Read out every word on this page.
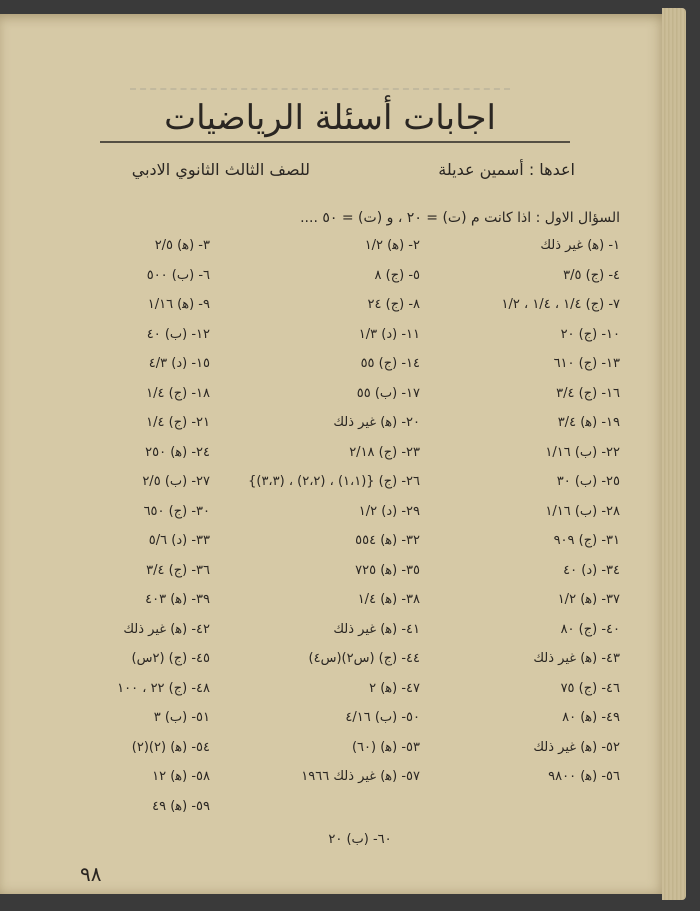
اجابات أسئلة الرياضيات
اعدها : أسمين عديلة
للصف الثالث الثانوي الادبي
السؤال الاول : اذا كانت م (ت) = ٢٠ ، و (ت) = ٥٠ ....
١- (ﻫ) غير ذلك
٢- (ﻫ) ١/٢
٣- (ﻫ) ٢/٥
٤- (ج) ٣/٥
٥- (ج) ٨
٦- (ب) ٥٠٠
٧- (ج) ١/٤ ، ١/٤ ، ١/٢
٨- (ج) ٢٤
٩- (ﻫ) ١/١٦
١٠- (ج) ٢٠
١١- (د) ١/٣
١٢- (ب) ٤٠
١٣- (ج) ٦١٠
١٤- (ج) ٥٥
١٥- (د) ٤/٣
١٦- (ج) ٣/٤
١٧- (ب) ٥٥
١٨- (ج) ١/٤
١٩- (ﻫ) ٣/٤
٢٠- (ﻫ) غير ذلك
٢١- (ج) ١/٤
٢٢- (ب) ١/١٦
٢٣- (ج) ٢/١٨
٢٤- (ﻫ) ٢٥٠
٢٥- (ب) ٣٠
٢٦- (ج) {(١،١) ، (٢،٢) ، (٣،٣)}
٢٧- (ب) ٢/٥
٢٨- (ب) ١/١٦
٢٩- (د) ١/٢
٣٠- (ج) ٦٥٠
٣١- (ج) ٩٠٩
٣٢- (ﻫ) ٥٥٤
٣٣- (د) ٥/٦
٣٤- (د) ٤٠
٣٥- (ﻫ) ٧٢٥
٣٦- (ج) ٣/٤
٣٧- (ﻫ) ١/٢
٣٨- (ﻫ) ١/٤
٣٩- (ﻫ) ٤٠٣
٤٠- (ج) ٨٠
٤١- (ﻫ) غير ذلك
٤٢- (ﻫ) غير ذلك
٤٣- (ﻫ) غير ذلك
٤٤- (ج) (س٢)(س٤)
٤٥- (ج) (٢س)
٤٦- (ج) ٧٥
٤٧- (ﻫ) ٢
٤٨- (ج) ٢٢ ، ١٠٠
٤٩- (ﻫ) ٨٠
٥٠- (ب) ٤/١٦
٥١- (ب) ٣
٥٢- (ﻫ) غير ذلك
٥٣- (ﻫ) (٦٠)
٥٤- (ﻫ) (٢)(٢)
٥٦- (ﻫ) ٩٨٠٠
٥٧- (ﻫ) غير ذلك ١٩٦٦
٥٨- (ﻫ) ١٢
٥٩- (ﻫ) ٤٩
٦٠- (ب) ٢٠
٩٨
